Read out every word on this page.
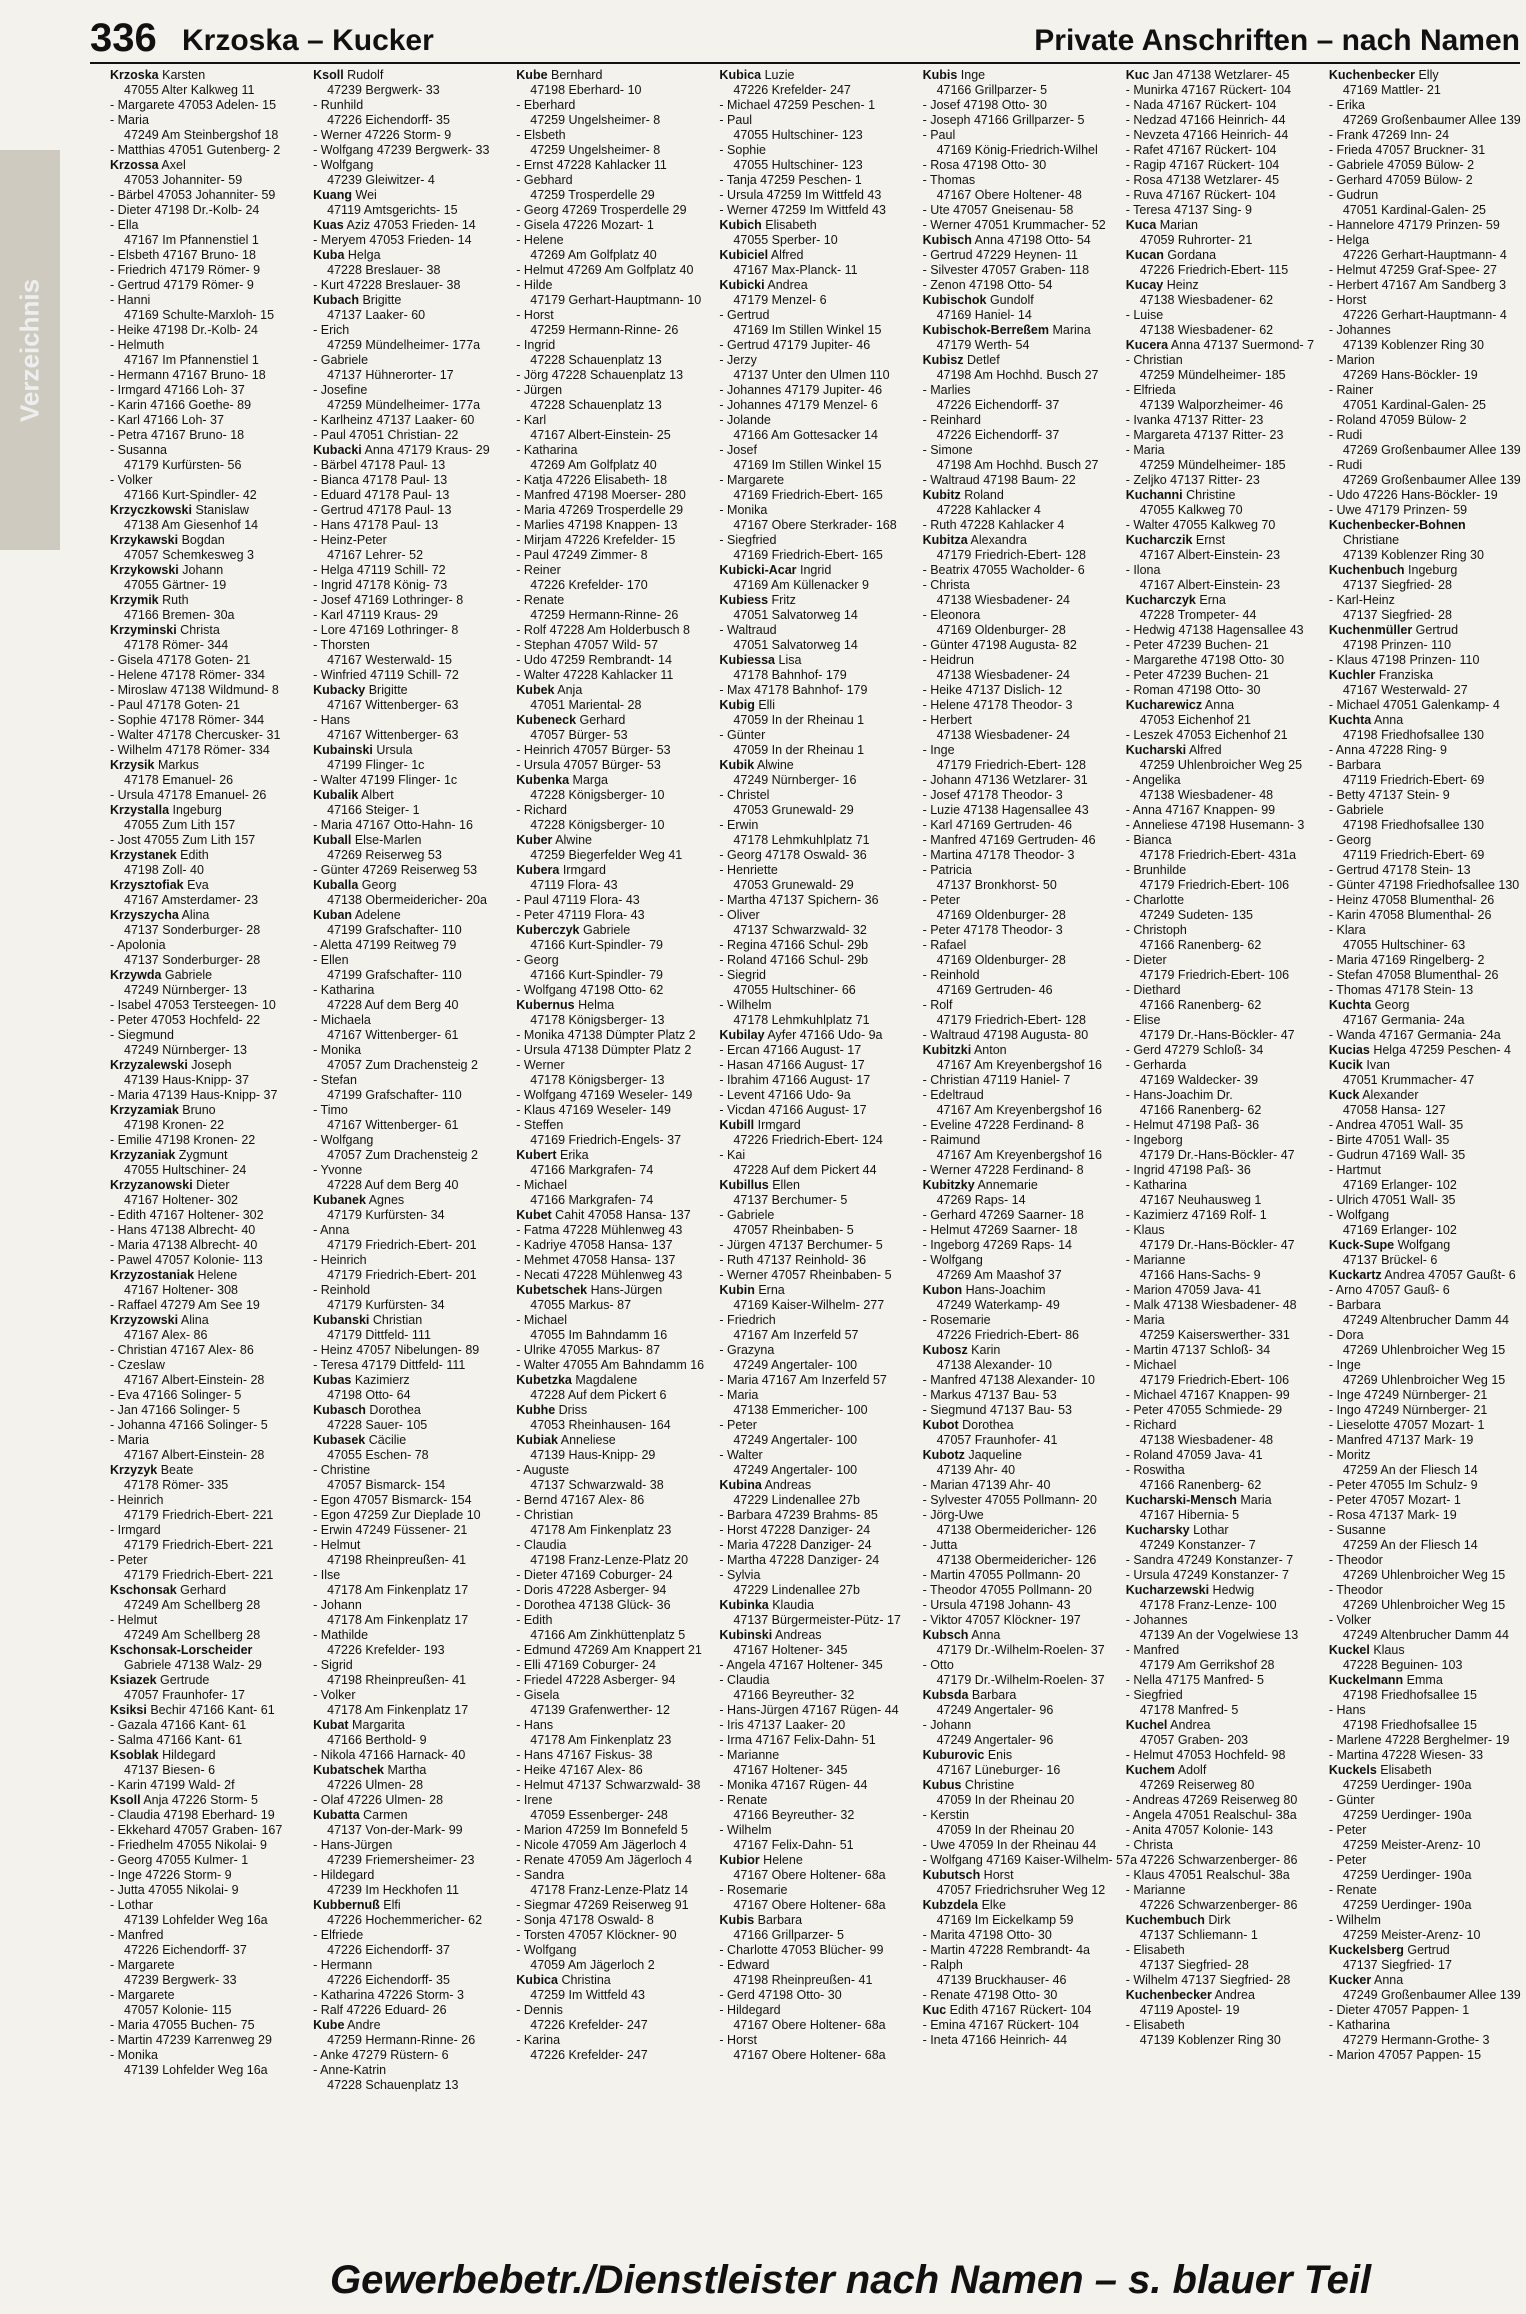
336 Krzoska – Kucker	Private Anschriften – nach Namen
Verzeichnis
Krzoska Karsten
47055 Alter Kalkweg 11
- Margarete 47053 Adelen- 15
- Maria
47249 Am Steinbergshof 18
- Matthias 47051 Gutenberg- 2
Krzossa Axel
47053 Johanniter- 59
- Bärbel 47053 Johanniter- 59
- Dieter 47198 Dr.-Kolb- 24
- Ella
47167 Im Pfannenstiel 1
- Elsbeth 47167 Bruno- 18
- Friedrich 47179 Römer- 9
- Gertrud 47179 Römer- 9
- Hanni
47169 Schulte-Marxloh- 15
- Heike 47198 Dr.-Kolb- 24
- Helmuth
47167 Im Pfannenstiel 1
- Hermann 47167 Bruno- 18
- Irmgard 47166 Loh- 37
- Karin 47166 Goethe- 89
- Karl 47166 Loh- 37
- Petra 47167 Bruno- 18
- Susanna
47179 Kurfürsten- 56
- Volker
47166 Kurt-Spindler- 42
Krzyczkowski Stanislaw
47138 Am Giesenhof 14
Krzykawski Bogdan
47057 Schemkesweg 3
Krzykowski Johann
47055 Gärtner- 19
Krzymik Ruth
47166 Bremen- 30a
Krzyminski Christa
47178 Römer- 344
- Gisela 47178 Goten- 21
- Helene 47178 Römer- 334
- Miroslaw 47138 Wildmund- 8
- Paul 47178 Goten- 21
- Sophie 47178 Römer- 344
- Walter 47178 Chercusker- 31
- Wilhelm 47178 Römer- 334
Krzysik Markus
47178 Emanuel- 26
- Ursula 47178 Emanuel- 26
Krzystalla Ingeburg
47055 Zum Lith 157
- Jost 47055 Zum Lith 157
Krzystanek Edith
47198 Zoll- 40
Krzysztofiak Eva
47167 Amsterdamer- 23
Krzyszycha Alina
47137 Sonderburger- 28
- Apolonia
47137 Sonderburger- 28
Krzywda Gabriele
47249 Nürnberger- 13
- Isabel 47053 Tersteegen- 10
- Peter 47053 Hochfeld- 22
- Siegmund
47249 Nürnberger- 13
Krzyzalewski Joseph
47139 Haus-Knipp- 37
- Maria 47139 Haus-Knipp- 37
Krzyzamiak Bruno
47198 Kronen- 22
- Emilie 47198 Kronen- 22
Krzyzaniak Zygmunt
47055 Hultschiner- 24
Krzyzanowski Dieter
47167 Holtener- 302
- Edith 47167 Holtener- 302
- Hans 47138 Albrecht- 40
- Maria 47138 Albrecht- 40
- Pawel 47057 Kolonie- 113
Krzyzostaniak Helene
47167 Holtener- 308
- Raffael 47279 Am See 19
Krzyzowski Alina
47167 Alex- 86
- Christian 47167 Alex- 86
- Czeslaw
47167 Albert-Einstein- 28
- Eva 47166 Solinger- 5
- Jan 47166 Solinger- 5
- Johanna 47166 Solinger- 5
- Maria
47167 Albert-Einstein- 28
Krzyzyk Beate
47178 Römer- 335
- Heinrich
47179 Friedrich-Ebert- 221
- Irmgard
47179 Friedrich-Ebert- 221
- Peter
47179 Friedrich-Ebert- 221
Kschonsak Gerhard
47249 Am Schellberg 28
- Helmut
47249 Am Schellberg 28
Kschonsak-Lorscheider
Gabriele 47138 Walz- 29
Ksiazek Gertrude
47057 Fraunhofer- 17
Ksiksi Bechir 47166 Kant- 61
- Gazala 47166 Kant- 61
- Salma 47166 Kant- 61
Ksoblak Hildegard
47137 Biesen- 6
- Karin 47199 Wald- 2f
Ksoll Anja 47226 Storm- 5
- Claudia 47198 Eberhard- 19
- Ekkehard 47057 Graben- 167
- Friedhelm 47055 Nikolai- 9
- Georg 47055 Kulmer- 1
- Inge 47226 Storm- 9
- Jutta 47055 Nikolai- 9
- Lothar
47139 Lohfelder Weg 16a
- Manfred
47226 Eichendorff- 37
- Margarete
47239 Bergwerk- 33
- Margarete
47057 Kolonie- 115
- Maria 47055 Buchen- 75
- Martin 47239 Karrenweg 29
- Monika
47139 Lohfelder Weg 16a
Ksoll Rudolf
47239 Bergwerk- 33
- Runhild
47226 Eichendorff- 35
- Werner 47226 Storm- 9
- Wolfgang 47239 Bergwerk- 33
- Wolfgang
47239 Gleiwitzer- 4
Kuang Wei
47119 Amtsgerichts- 15
Kuas Aziz 47053 Frieden- 14
- Meryem 47053 Frieden- 14
Kuba Helga
47228 Breslauer- 38
- Kurt 47228 Breslauer- 38
Kubach Brigitte
47137 Laaker- 60
- Erich
47259 Mündelheimer- 177a
- Gabriele
47137 Hühnerorter- 17
- Josefine
47259 Mündelheimer- 177a
- Karlheinz 47137 Laaker- 60
- Paul 47051 Christian- 22
Kubacki Anna 47179 Kraus- 29
- Bärbel 47178 Paul- 13
- Bianca 47178 Paul- 13
- Eduard 47178 Paul- 13
- Gertrud 47178 Paul- 13
- Hans 47178 Paul- 13
- Heinz-Peter
47167 Lehrer- 52
- Helga 47119 Schill- 72
- Ingrid 47178 König- 73
- Josef 47169 Lothringer- 8
- Karl 47119 Kraus- 29
- Lore 47169 Lothringer- 8
- Thorsten
47167 Westerwald- 15
- Winfried 47119 Schill- 72
Kubacky Brigitte
47167 Wittenberger- 63
- Hans
47167 Wittenberger- 63
Kubainski Ursula
47199 Flinger- 1c
- Walter 47199 Flinger- 1c
Kubalik Albert
47166 Steiger- 1
- Maria 47167 Otto-Hahn- 16
Kuball Else-Marlen
47269 Reiserweg 53
- Günter 47269 Reiserweg 53
Kuballa Georg
47138 Obermeidericher- 20a
Kuban Adelene
47199 Grafschafter- 110
- Aletta 47199 Reitweg 79
- Ellen
47199 Grafschafter- 110
- Katharina
47228 Auf dem Berg 40
- Michaela
47167 Wittenberger- 61
- Monika
47057 Zum Drachensteig 2
- Stefan
47199 Grafschafter- 110
- Timo
47167 Wittenberger- 61
- Wolfgang
47057 Zum Drachensteig 2
- Yvonne
47228 Auf dem Berg 40
Kubanek Agnes
47179 Kurfürsten- 34
- Anna
47179 Friedrich-Ebert- 201
- Heinrich
47179 Friedrich-Ebert- 201
- Reinhold
47179 Kurfürsten- 34
Kubanski Christian
47179 Dittfeld- 111
- Heinz 47057 Nibelungen- 89
- Teresa 47179 Dittfeld- 111
Kubas Kazimierz
47198 Otto- 64
Kubasch Dorothea
47228 Sauer- 105
Kubasek Cäcilie
47055 Eschen- 78
- Christine
47057 Bismarck- 154
- Egon 47057 Bismarck- 154
- Egon 47259 Zur Dieplade 10
- Erwin 47249 Füssener- 21
- Helmut
47198 Rheinpreußen- 41
- Ilse
47178 Am Finkenplatz 17
- Johann
47178 Am Finkenplatz 17
- Mathilde
47226 Krefelder- 193
- Sigrid
47198 Rheinpreußen- 41
- Volker
47178 Am Finkenplatz 17
Kubat Margarita
47166 Berthold- 9
- Nikola 47166 Harnack- 40
Kubatschek Martha
47226 Ulmen- 28
- Olaf 47226 Ulmen- 28
Kubatta Carmen
47137 Von-der-Mark- 99
- Hans-Jürgen
47239 Friemersheimer- 23
- Hildegard
47239 Im Heckhofen 11
Kubbernuß Elfi
47226 Hochemmericher- 62
- Elfriede
47226 Eichendorff- 37
- Hermann
47226 Eichendorff- 35
- Katharina 47226 Storm- 3
- Ralf 47226 Eduard- 26
Kube Andre
47259 Hermann-Rinne- 26
- Anke 47279 Rüstern- 6
- Anne-Katrin
47228 Schauenplatz 13
Kube Bernhard
47198 Eberhard- 10
- Eberhard
47259 Ungelsheimer- 8
- Elsbeth
47259 Ungelsheimer- 8
- Ernst 47228 Kahlacker 11
- Gebhard
47259 Trosperdelle 29
- Georg 47269 Trosperdelle 29
- Gisela 47226 Mozart- 1
- Helene
47269 Am Golfplatz 40
- Helmut 47269 Am Golfplatz 40
- Hilde
47179 Gerhart-Hauptmann- 10
- Horst
47259 Hermann-Rinne- 26
- Ingrid
47228 Schauenplatz 13
- Jörg 47228 Schauenplatz 13
- Jürgen
47228 Schauenplatz 13
- Karl
47167 Albert-Einstein- 25
- Katharina
47269 Am Golfplatz 40
- Katja 47226 Elisabeth- 18
- Manfred 47198 Moerser- 280
- Maria 47269 Trosperdelle 29
- Marlies 47198 Knappen- 13
- Mirjam 47226 Krefelder- 15
- Paul 47249 Zimmer- 8
- Reiner
47226 Krefelder- 170
- Renate
47259 Hermann-Rinne- 26
- Rolf 47228 Am Holderbusch 8
- Stephan 47057 Wild- 57
- Udo 47259 Rembrandt- 14
- Walter 47228 Kahlacker 11
Kubek Anja
47051 Mariental- 28
Kubeneck Gerhard
47057 Bürger- 53
- Heinrich 47057 Bürger- 53
- Ursula 47057 Bürger- 53
Kubenka Marga
47228 Königsberger- 10
- Richard
47228 Königsberger- 10
Kuber Alwine
47259 Biegerfelder Weg 41
Kubera Irmgard
47119 Flora- 43
- Paul 47119 Flora- 43
- Peter 47119 Flora- 43
Kuberczyk Gabriele
47166 Kurt-Spindler- 79
- Georg
47166 Kurt-Spindler- 79
- Wolfgang 47198 Otto- 62
Kubernus Helma
47178 Königsberger- 13
- Monika 47138 Dümpter Platz 2
- Ursula 47138 Dümpter Platz 2
- Werner
47178 Königsberger- 13
- Wolfgang 47169 Weseler- 149
- Klaus 47169 Weseler- 149
- Steffen
47169 Friedrich-Engels- 37
Kubert Erika
47166 Markgrafen- 74
- Michael
47166 Markgrafen- 74
Kubet Cahit 47058 Hansa- 137
- Fatma 47228 Mühlenweg 43
- Kadriye 47058 Hansa- 137
- Mehmet 47058 Hansa- 137
- Necati 47228 Mühlenweg 43
Kubetschek Hans-Jürgen
47055 Markus- 87
- Michael
47055 Im Bahndamm 16
- Ulrike 47055 Markus- 87
- Walter 47055 Am Bahndamm 16
Kubetzka Magdalene
47228 Auf dem Pickert 6
Kubhe Driss
47053 Rheinhausen- 164
Kubiak Anneliese
47139 Haus-Knipp- 29
- Auguste
47137 Schwarzwald- 38
- Bernd 47167 Alex- 86
- Christian
47178 Am Finkenplatz 23
- Claudia
47198 Franz-Lenze-Platz 20
- Dieter 47169 Coburger- 24
- Doris 47228 Asberger- 94
- Dorothea 47138 Glück- 36
- Edith
47166 Am Zinkhüttenplatz 5
- Edmund 47269 Am Knappert 21
- Elli 47169 Coburger- 24
- Friedel 47228 Asberger- 94
- Gisela
47139 Grafenwerther- 12
- Hans
47178 Am Finkenplatz 23
- Hans 47167 Fiskus- 38
- Heike 47167 Alex- 86
- Helmut 47137 Schwarzwald- 38
- Irene
47059 Essenberger- 248
- Marion 47259 Im Bonnefeld 5
- Nicole 47059 Am Jägerloch 4
- Renate 47059 Am Jägerloch 4
- Sandra
47178 Franz-Lenze-Platz 14
- Siegmar 47269 Reiserweg 91
- Sonja 47178 Oswald- 8
- Torsten 47057 Klöckner- 90
- Wolfgang
47059 Am Jägerloch 2
Kubica Christina
47259 Im Wittfeld 43
- Dennis
47226 Krefelder- 247
- Karina
47226 Krefelder- 247
Kubica Luzie
47226 Krefelder- 247
- Michael 47259 Peschen- 1
- Paul
47055 Hultschiner- 123
- Sophie
47055 Hultschiner- 123
- Tanja 47259 Peschen- 1
- Ursula 47259 Im Wittfeld 43
- Werner 47259 Im Wittfeld 43
Kubich Elisabeth
47055 Sperber- 10
Kubiciel Alfred
47167 Max-Planck- 11
Kubicki Andrea
47179 Menzel- 6
- Gertrud
47169 Im Stillen Winkel 15
- Gertrud 47179 Jupiter- 46
- Jerzy
47137 Unter den Ulmen 110
- Johannes 47179 Jupiter- 46
- Johannes 47179 Menzel- 6
- Jolande
47166 Am Gottesacker 14
- Josef
47169 Im Stillen Winkel 15
- Margarete
47169 Friedrich-Ebert- 165
- Monika
47167 Obere Sterkrader- 168
- Siegfried
47169 Friedrich-Ebert- 165
Kubicki-Acar Ingrid
47169 Am Küllenacker 9
Kubiess Fritz
47051 Salvatorweg 14
- Waltraud
47051 Salvatorweg 14
Kubiessa Lisa
47178 Bahnhof- 179
- Max 47178 Bahnhof- 179
Kubig Elli
47059 In der Rheinau 1
- Günter
47059 In der Rheinau 1
Kubik Alwine
47249 Nürnberger- 16
- Christel
47053 Grunewald- 29
- Erwin
47178 Lehmkuhlplatz 71
- Georg 47178 Oswald- 36
- Henriette
47053 Grunewald- 29
- Martha 47137 Spichern- 36
- Oliver
47137 Schwarzwald- 32
- Regina 47166 Schul- 29b
- Roland 47166 Schul- 29b
- Siegrid
47055 Hultschiner- 66
- Wilhelm
47178 Lehmkuhlplatz 71
Kubilay Ayfer 47166 Udo- 9a
- Ercan 47166 August- 17
- Hasan 47166 August- 17
- Ibrahim 47166 August- 17
- Levent 47166 Udo- 9a
- Vicdan 47166 August- 17
Kubill Irmgard
47226 Friedrich-Ebert- 124
- Kai
47228 Auf dem Pickert 44
Kubillus Ellen
47137 Berchumer- 5
- Gabriele
47057 Rheinbaben- 5
- Jürgen 47137 Berchumer- 5
- Ruth 47137 Reinhold- 36
- Werner 47057 Rheinbaben- 5
Kubin Erna
47169 Kaiser-Wilhelm- 277
- Friedrich
47167 Am Inzerfeld 57
- Grazyna
47249 Angertaler- 100
- Maria 47167 Am Inzerfeld 57
- Maria
47138 Emmericher- 100
- Peter
47249 Angertaler- 100
- Walter
47249 Angertaler- 100
Kubina Andreas
47229 Lindenallee 27b
- Barbara 47239 Brahms- 85
- Horst 47228 Danziger- 24
- Maria 47228 Danziger- 24
- Martha 47228 Danziger- 24
- Sylvia
47229 Lindenallee 27b
Kubinka Klaudia
47137 Bürgermeister-Pütz- 17
Kubinski Andreas
47167 Holtener- 345
- Angela 47167 Holtener- 345
- Claudia
47166 Beyreuther- 32
- Hans-Jürgen 47167 Rügen- 44
- Iris 47137 Laaker- 20
- Irma 47167 Felix-Dahn- 51
- Marianne
47167 Holtener- 345
- Monika 47167 Rügen- 44
- Renate
47166 Beyreuther- 32
- Wilhelm
47167 Felix-Dahn- 51
Kubior Helene
47167 Obere Holtener- 68a
- Rosemarie
47167 Obere Holtener- 68a
Kubis Barbara
47166 Grillparzer- 5
- Charlotte 47053 Blücher- 99
- Edward
47198 Rheinpreußen- 41
- Gerd 47198 Otto- 30
- Hildegard
47167 Obere Holtener- 68a
- Horst
47167 Obere Holtener- 68a
Kubis Inge
47166 Grillparzer- 5
- Josef 47198 Otto- 30
- Joseph 47166 Grillparzer- 5
- Paul
47169 König-Friedrich-Wilhel
- Rosa 47198 Otto- 30
- Thomas
47167 Obere Holtener- 48
- Ute 47057 Gneisenau- 58
- Werner 47051 Krummacher- 52
Kubisch Anna 47198 Otto- 54
- Gertrud 47229 Heynen- 11
- Silvester 47057 Graben- 118
- Zenon 47198 Otto- 54
Kubischok Gundolf
47169 Haniel- 14
Kubischok-Berreßem Marina
47179 Werth- 54
Kubisz Detlef
47198 Am Hochhd. Busch 27
- Marlies
47226 Eichendorff- 37
- Reinhard
47226 Eichendorff- 37
- Simone
47198 Am Hochhd. Busch 27
- Waltraud 47198 Baum- 22
Kubitz Roland
47228 Kahlacker 4
- Ruth 47228 Kahlacker 4
Kubitza Alexandra
47179 Friedrich-Ebert- 128
- Beatrix 47055 Wacholder- 6
- Christa
47138 Wiesbadener- 24
- Eleonora
47169 Oldenburger- 28
- Günter 47198 Augusta- 82
- Heidrun
47138 Wiesbadener- 24
- Heike 47137 Dislich- 12
- Helene 47178 Theodor- 3
- Herbert
47138 Wiesbadener- 24
- Inge
47179 Friedrich-Ebert- 128
- Johann 47136 Wetzlarer- 31
- Josef 47178 Theodor- 3
- Luzie 47138 Hagensallee 43
- Karl 47169 Gertruden- 46
- Manfred 47169 Gertruden- 46
- Martina 47178 Theodor- 3
- Patricia
47137 Bronkhorst- 50
- Peter
47169 Oldenburger- 28
- Peter 47178 Theodor- 3
- Rafael
47169 Oldenburger- 28
- Reinhold
47169 Gertruden- 46
- Rolf
47179 Friedrich-Ebert- 128
- Waltraud 47198 Augusta- 80
Kubitzki Anton
47167 Am Kreyenbergshof 16
- Christian 47119 Haniel- 7
- Edeltraud
47167 Am Kreyenbergshof 16
- Eveline 47228 Ferdinand- 8
- Raimund
47167 Am Kreyenbergshof 16
- Werner 47228 Ferdinand- 8
Kubitzky Annemarie
47269 Raps- 14
- Gerhard 47269 Saarner- 18
- Helmut 47269 Saarner- 18
- Ingeborg 47269 Raps- 14
- Wolfgang
47269 Am Maashof 37
Kubon Hans-Joachim
47249 Waterkamp- 49
- Rosemarie
47226 Friedrich-Ebert- 86
Kubosz Karin
47138 Alexander- 10
- Manfred 47138 Alexander- 10
- Markus 47137 Bau- 53
- Siegmund 47137 Bau- 53
Kubot Dorothea
47057 Fraunhofer- 41
Kubotz Jaqueline
47139 Ahr- 40
- Marian 47139 Ahr- 40
- Sylvester 47055 Pollmann- 20
- Jörg-Uwe
47138 Obermeidericher- 126
- Jutta
47138 Obermeidericher- 126
- Martin 47055 Pollmann- 20
- Theodor 47055 Pollmann- 20
- Ursula 47198 Johann- 43
- Viktor 47057 Klöckner- 197
Kubsch Anna
47179 Dr.-Wilhelm-Roelen- 37
- Otto
47179 Dr.-Wilhelm-Roelen- 37
Kubsda Barbara
47249 Angertaler- 96
- Johann
47249 Angertaler- 96
Kuburovic Enis
47167 Lüneburger- 16
Kubus Christine
47059 In der Rheinau 20
- Kerstin
47059 In der Rheinau 20
- Uwe 47059 In der Rheinau 44
- Wolfgang 47169 Kaiser-Wilhelm- 57a
Kubutsch Horst
47057 Friedrichsruher Weg 12
Kubzdela Elke
47169 Im Eickelkamp 59
- Marita 47198 Otto- 30
- Martin 47228 Rembrandt- 4a
- Ralph
47139 Bruckhauser- 46
- Renate 47198 Otto- 30
Kuc Edith 47167 Rückert- 104
- Emina 47167 Rückert- 104
- Ineta 47166 Heinrich- 44
Kuc Jan 47138 Wetzlarer- 45
- Munirka 47167 Rückert- 104
- Nada 47167 Rückert- 104
- Nedzad 47166 Heinrich- 44
- Nevzeta 47166 Heinrich- 44
- Rafet 47167 Rückert- 104
- Ragip 47167 Rückert- 104
- Rosa 47138 Wetzlarer- 45
- Ruva 47167 Rückert- 104
- Teresa 47137 Sing- 9
Kuca Marian
47059 Ruhrorter- 21
Kucan Gordana
47226 Friedrich-Ebert- 115
Kucay Heinz
47138 Wiesbadener- 62
- Luise
47138 Wiesbadener- 62
Kucera Anna 47137 Suermond- 7
- Christian
47259 Mündelheimer- 185
- Elfrieda
47139 Walporzheimer- 46
- Ivanka 47137 Ritter- 23
- Margareta 47137 Ritter- 23
- Maria
47259 Mündelheimer- 185
- Zeljko 47137 Ritter- 23
Kuchanni Christine
47055 Kalkweg 70
- Walter 47055 Kalkweg 70
Kucharczik Ernst
47167 Albert-Einstein- 23
- Ilona
47167 Albert-Einstein- 23
Kucharczyk Erna
47228 Trompeter- 44
- Hedwig 47138 Hagensallee 43
- Peter 47239 Buchen- 21
- Margarethe 47198 Otto- 30
- Peter 47239 Buchen- 21
- Roman 47198 Otto- 30
Kucharewicz Anna
47053 Eichenhof 21
- Leszek 47053 Eichenhof 21
Kucharski Alfred
47259 Uhlenbroicher Weg 25
- Angelika
47138 Wiesbadener- 48
- Anna 47167 Knappen- 99
- Anneliese 47198 Husemann- 3
- Bianca
47178 Friedrich-Ebert- 431a
- Brunhilde
47179 Friedrich-Ebert- 106
- Charlotte
47249 Sudeten- 135
- Christoph
47166 Ranenberg- 62
- Dieter
47179 Friedrich-Ebert- 106
- Diethard
47166 Ranenberg- 62
- Elise
47179 Dr.-Hans-Böckler- 47
- Gerd 47279 Schloß- 34
- Gerharda
47169 Waldecker- 39
- Hans-Joachim Dr.
47166 Ranenberg- 62
- Helmut 47198 Paß- 36
- Ingeborg
47179 Dr.-Hans-Böckler- 47
- Ingrid 47198 Paß- 36
- Katharina
47167 Neuhausweg 1
- Kazimierz 47169 Rolf- 1
- Klaus
47179 Dr.-Hans-Böckler- 47
- Marianne
47166 Hans-Sachs- 9
- Marion 47059 Java- 41
- Malk 47138 Wiesbadener- 48
- Maria
47259 Kaiserswerther- 331
- Martin 47137 Schloß- 34
- Michael
47179 Friedrich-Ebert- 106
- Michael 47167 Knappen- 99
- Peter 47055 Schmiede- 29
- Richard
47138 Wiesbadener- 48
- Roland 47059 Java- 41
- Roswitha
47166 Ranenberg- 62
Kucharski-Mensch Maria
47167 Hibernia- 5
Kucharsky Lothar
47249 Konstanzer- 7
- Sandra 47249 Konstanzer- 7
- Ursula 47249 Konstanzer- 7
Kucharzewski Hedwig
47178 Franz-Lenze- 100
- Johannes
47139 An der Vogelwiese 13
- Manfred
47179 Am Gerrikshof 28
- Nella 47175 Manfred- 5
- Siegfried
47178 Manfred- 5
Kuchel Andrea
47057 Graben- 203
- Helmut 47053 Hochfeld- 98
Kuchem Adolf
47269 Reiserweg 80
- Andreas 47269 Reiserweg 80
- Angela 47051 Realschul- 38a
- Anita 47057 Kolonie- 143
- Christa
47226 Schwarzenberger- 86
- Klaus 47051 Realschul- 38a
- Marianne
47226 Schwarzenberger- 86
Kuchembuch Dirk
47137 Schliemann- 1
- Elisabeth
47137 Siegfried- 28
- Wilhelm 47137 Siegfried- 28
Kuchenbecker Andrea
47119 Apostel- 19
- Elisabeth
47139 Koblenzer Ring 30
Kuchenbecker Elly
47169 Mattler- 21
- Erika
47269 Großenbaumer Allee 139
- Frank 47269 Inn- 24
- Frieda 47057 Bruckner- 31
- Gabriele 47059 Bülow- 2
- Gerhard 47059 Bülow- 2
- Gudrun
47051 Kardinal-Galen- 25
- Hannelore 47179 Prinzen- 59
- Helga
47226 Gerhart-Hauptmann- 4
- Helmut 47259 Graf-Spee- 27
- Herbert 47167 Am Sandberg 3
- Horst
47226 Gerhart-Hauptmann- 4
- Johannes
47139 Koblenzer Ring 30
- Marion
47269 Hans-Böckler- 19
- Rainer
47051 Kardinal-Galen- 25
- Roland 47059 Bülow- 2
- Rudi
47269 Großenbaumer Allee 139
- Rudi
47269 Großenbaumer Allee 139
- Udo 47226 Hans-Böckler- 19
- Uwe 47179 Prinzen- 59
Kuchenbecker-Bohnen
Christiane
47139 Koblenzer Ring 30
Kuchenbuch Ingeburg
47137 Siegfried- 28
- Karl-Heinz
47137 Siegfried- 28
Kuchenmüller Gertrud
47198 Prinzen- 110
- Klaus 47198 Prinzen- 110
Kuchler Franziska
47167 Westerwald- 27
- Michael 47051 Galenkamp- 4
Kuchta Anna
47198 Friedhofsallee 130
- Anna 47228 Ring- 9
- Barbara
47119 Friedrich-Ebert- 69
- Betty 47137 Stein- 9
- Gabriele
47198 Friedhofsallee 130
- Georg
47119 Friedrich-Ebert- 69
- Gertrud 47178 Stein- 13
- Günter 47198 Friedhofsallee 130
- Heinz 47058 Blumenthal- 26
- Karin 47058 Blumenthal- 26
- Klara
47055 Hultschiner- 63
- Maria 47169 Ringelberg- 2
- Stefan 47058 Blumenthal- 26
- Thomas 47178 Stein- 13
Kuchta Georg
47167 Germania- 24a
- Wanda 47167 Germania- 24a
Kucias Helga 47259 Peschen- 4
Kucik Ivan
47051 Krummacher- 47
Kuck Alexander
47058 Hansa- 127
- Andrea 47051 Wall- 35
- Birte 47051 Wall- 35
- Gudrun 47169 Wall- 35
- Hartmut
47169 Erlanger- 102
- Ulrich 47051 Wall- 35
- Wolfgang
47169 Erlanger- 102
Kuck-Supe Wolfgang
47137 Brückel- 6
Kuckartz Andrea 47057 Gaußt- 6
- Arno 47057 Gauß- 6
- Barbara
47249 Altenbrucher Damm 44
- Dora
47269 Uhlenbroicher Weg 15
- Inge
47269 Uhlenbroicher Weg 15
- Inge 47249 Nürnberger- 21
- Ingo 47249 Nürnberger- 21
- Lieselotte 47057 Mozart- 1
- Manfred 47137 Mark- 19
- Moritz
47259 An der Fliesch 14
- Peter 47055 Im Schulz- 9
- Peter 47057 Mozart- 1
- Rosa 47137 Mark- 19
- Susanne
47259 An der Fliesch 14
- Theodor
47269 Uhlenbroicher Weg 15
- Theodor
47269 Uhlenbroicher Weg 15
- Volker
47249 Altenbrucher Damm 44
Kuckel Klaus
47228 Beguinen- 103
Kuckelmann Emma
47198 Friedhofsallee 15
- Hans
47198 Friedhofsallee 15
- Marlene 47228 Berghelmer- 19
- Martina 47228 Wiesen- 33
Kuckels Elisabeth
47259 Uerdinger- 190a
- Günter
47259 Uerdinger- 190a
- Peter
47259 Meister-Arenz- 10
- Peter
47259 Uerdinger- 190a
- Renate
47259 Uerdinger- 190a
- Wilhelm
47259 Meister-Arenz- 10
Kuckelsberg Gertrud
47137 Siegfried- 17
Kucker Anna
47249 Großenbaumer Allee 139
- Dieter 47057 Pappen- 1
- Katharina
47279 Hermann-Grothe- 3
- Marion 47057 Pappen- 15
Gewerbebetr./Dienstleister nach Namen – s. blauer Teil
